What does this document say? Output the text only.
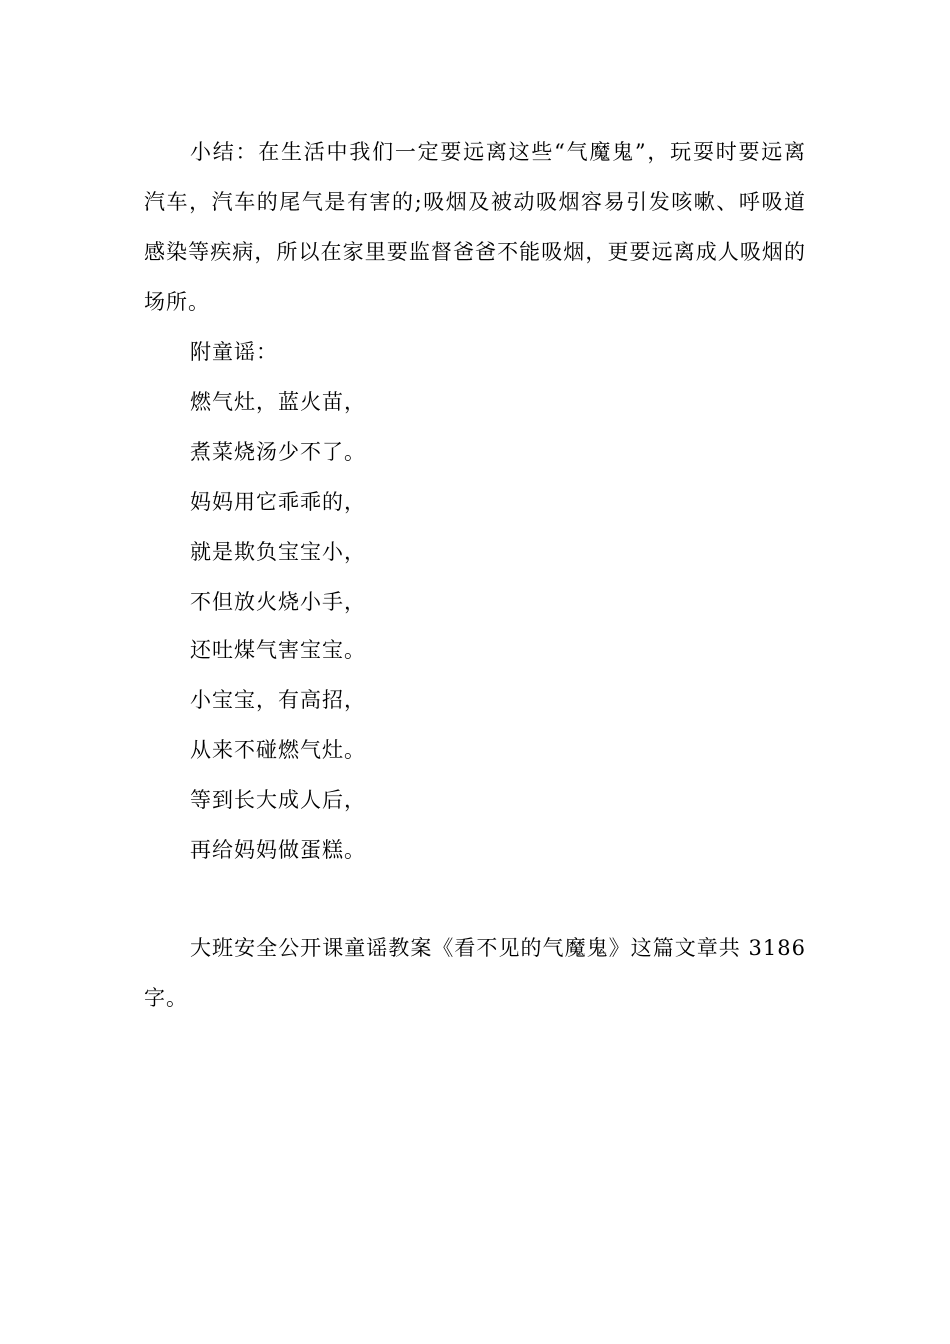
小结：在生活中我们一定要远离这些“气魔鬼”，玩耍时要远离汽车，汽车的尾气是有害的;吸烟及被动吸烟容易引发咳嗽、呼吸道感染等疾病，所以在家里要监督爸爸不能吸烟，更要远离成人吸烟的场所。

附童谣：

燃气灶，蓝火苗，

煮菜烧汤少不了。

妈妈用它乖乖的，

就是欺负宝宝小，

不但放火烧小手，

还吐煤气害宝宝。

小宝宝，有高招，

从来不碰燃气灶。

等到长大成人后，

再给妈妈做蛋糕。

大班安全公开课童谣教案《看不见的气魔鬼》这篇文章共 3186 字。
